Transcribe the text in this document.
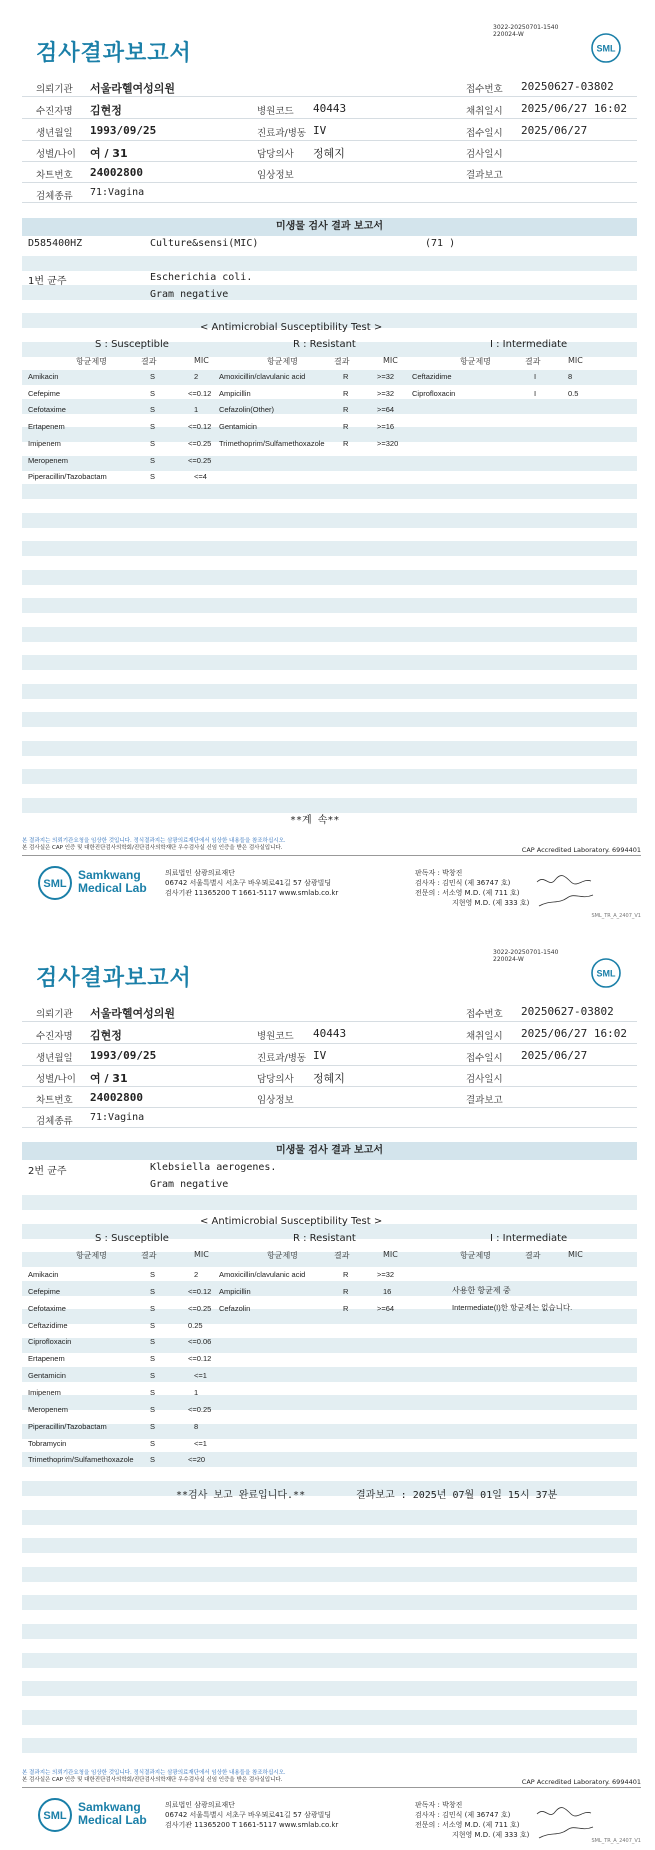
검사결과보고서
3022-20250701-1540
220024-W
SML
의뢰기관 서울라헬여성의원	접수번호 20250627-03802
수진자명 김현정	병원코드 40443	채취일시 2025/06/27 16:02
생년월일 1993/09/25	진료과/병동 IV	접수일시 2025/06/27
성별/나이 여 / 31	담당의사 정혜지	검사일시
차트번호 24002800	임상정보	결과보고
검체종류 71:Vagina
미생물 검사 결과 보고서
D585400HZ	Culture&sensi(MIC)	(71 )
1번 균주	Escherichia coli.
Gram negative
< Antimicrobial Susceptibility Test >
S : Susceptible	R : Resistant	I : Intermediate
항균제명	결과	MIC
Amikacin	S	2
Cefepime	S	<=0.12
Cefotaxime	S	1
Ertapenem	S	<=0.12
Imipenem	S	<=0.25
Meropenem	S	<=0.25
Piperacillin/Tazobactam	S	<=4
항균제명	결과	MIC
Amoxicillin/clavulanic acid	R	>=32
Ampicillin	R	>=32
Cefazolin(Other)	R	>=64
Gentamicin	R	>=16
Trimethoprim/Sulfamethoxazole R	>=320
항균제명	결과	MIC
Ceftazidime	I	8
Ciprofloxacin	I	0.5
**계 속**
본 결과지는 의뢰기관요청을 임상한 것입니다. 정식결과지는 삼광의료재단에서 임상한 내용들을 참조하십시오.
본 검사실은 CAP 인증 및 대한진단검사의학회/진단검사의학재단 우수검사실 신임 인증을 받은 검사실입니다.	CAP Accredited Laboratory. 6994401
SML
Samkwang
Medical Lab
의료법인 삼광의료재단
06742 서울특별시 서초구 바우뫼로41길 57 삼광빌딩
검사기관 11365200 T 1661-5117 www.smlab.co.kr
판독자 : 박창진
검사자 : 김민식 (제 36747 호)
전문의 : 서소영 M.D. (제 711 호)
지현영 M.D. (제 333 호)
SML_TR_A_2407_V1
검사결과보고서
3022-20250701-1540
220024-W
SML
의뢰기관 서울라헬여성의원	접수번호 20250627-03802
수진자명 김현정	병원코드 40443	채취일시 2025/06/27 16:02
생년월일 1993/09/25	진료과/병동 IV	접수일시 2025/06/27
성별/나이 여 / 31	담당의사 정혜지	검사일시
차트번호 24002800	임상정보	결과보고
검체종류 71:Vagina
미생물 검사 결과 보고서
2번 균주	Klebsiella aerogenes.
Gram negative
< Antimicrobial Susceptibility Test >
S : Susceptible	R : Resistant	I : Intermediate
항균제명	결과	MIC
Amikacin	S	2
Cefepime	S	<=0.12
Cefotaxime	S	<=0.25
Ceftazidime	S	0.25
Ciprofloxacin	S	<=0.06
Ertapenem	S	<=0.12
Gentamicin	S	<=1
Imipenem	S	1
Meropenem	S	<=0.25
Piperacillin/Tazobactam	S	8
Tobramycin	S	<=1
Trimethoprim/Sulfamethoxazole S	<=20
항균제명	결과	MIC
Amoxicillin/clavulanic acid	R	>=32
Ampicillin	R	16
Cefazolin	R	>=64
항균제명	결과	MIC
사용한 항균제 중
Intermediate(I)한 항균제는 없습니다.
**검사 보고 완료입니다.**	결과보고 : 2025년 07월 01일 15시 37분
본 결과지는 의뢰기관요청을 임상한 것입니다. 정식결과지는 삼광의료재단에서 임상한 내용들을 참조하십시오.
본 검사실은 CAP 인증 및 대한진단검사의학회/진단검사의학재단 우수검사실 신임 인증을 받은 검사실입니다.	CAP Accredited Laboratory. 6994401
SML
Samkwang
Medical Lab
의료법인 삼광의료재단
06742 서울특별시 서초구 바우뫼로41길 57 삼광빌딩
검사기관 11365200 T 1661-5117 www.smlab.co.kr
판독자 : 박창진
검사자 : 김민식 (제 36747 호)
전문의 : 서소영 M.D. (제 711 호)
지현영 M.D. (제 333 호)
SML_TR_A_2407_V1
